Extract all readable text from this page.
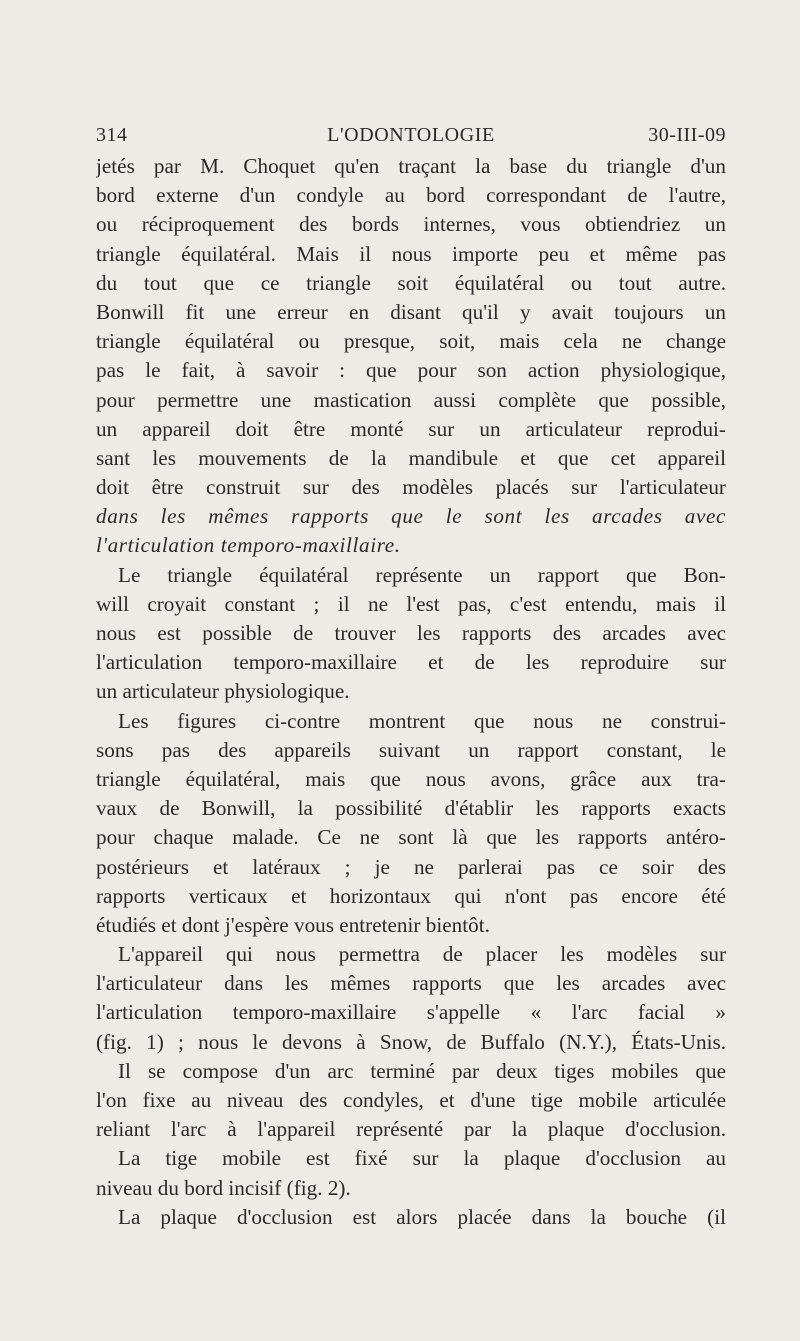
314	L'ODONTOLOGIE	30-III-09
jetés par M. Choquet qu'en traçant la base du triangle d'un
bord externe d'un condyle au bord correspondant de l'autre,
ou réciproquement des bords internes, vous obtiendriez un
triangle équilatéral. Mais il nous importe peu et même pas
du tout que ce triangle soit équilatéral ou tout autre.
Bonwill fit une erreur en disant qu'il y avait toujours un
triangle équilatéral ou presque, soit, mais cela ne change
pas le fait, à savoir : que pour son action physiologique,
pour permettre une mastication aussi complète que possible,
un appareil doit être monté sur un articulateur reprodui-
sant les mouvements de la mandibule et que cet appareil
doit être construit sur des modèles placés sur l'articulateur
dans les mêmes rapports que le sont les arcades avec
l'articulation temporo-maxillaire.
Le triangle équilatéral représente un rapport que Bon-
will croyait constant ; il ne l'est pas, c'est entendu, mais il
nous est possible de trouver les rapports des arcades avec
l'articulation temporo-maxillaire et de les reproduire sur
un articulateur physiologique.
Les figures ci-contre montrent que nous ne construi-
sons pas des appareils suivant un rapport constant, le
triangle équilatéral, mais que nous avons, grâce aux tra-
vaux de Bonwill, la possibilité d'établir les rapports exacts
pour chaque malade. Ce ne sont là que les rapports antéro-
postérieurs et latéraux ; je ne parlerai pas ce soir des
rapports verticaux et horizontaux qui n'ont pas encore été
étudiés et dont j'espère vous entretenir bientôt.
L'appareil qui nous permettra de placer les modèles sur
l'articulateur dans les mêmes rapports que les arcades avec
l'articulation temporo-maxillaire s'appelle « l'arc facial »
(fig. 1) ; nous le devons à Snow, de Buffalo (N.Y.), États-Unis.
Il se compose d'un arc terminé par deux tiges mobiles que
l'on fixe au niveau des condyles, et d'une tige mobile articulée
reliant l'arc à l'appareil représenté par la plaque d'occlusion.
La tige mobile est fixé sur la plaque d'occlusion au
niveau du bord incisif (fig. 2).
La plaque d'occlusion est alors placée dans la bouche (il
